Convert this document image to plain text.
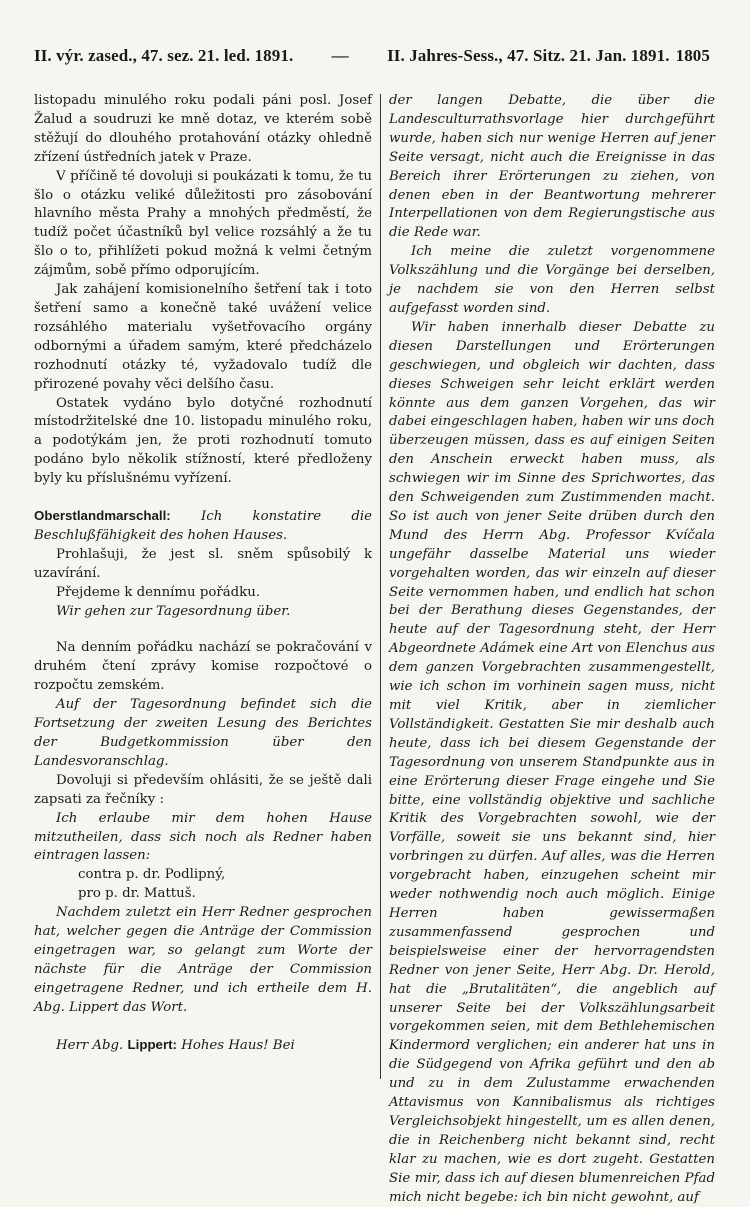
II. výr. zased., 47. sez. 21. led. 1891.	—	II. Jahres-Sess., 47. Sitz. 21. Jan. 1891. 1805

listopadu minulého roku podali páni posl. Josef Žalud a soudruzi ke mně dotaz, ve kterém sobě stěžují do dlouhého protahování otázky ohledně zřízení ústředních jatek v Praze.

V příčině té dovoluji si poukázati k tomu, že tu šlo o otázku veliké důležitosti pro zásobování hlavního města Prahy a mnohých předměstí, že tudíž počet účastníků byl velice rozsáhlý a že tu šlo o to, přihlížeti pokud možná k velmi četným zájmům, sobě přímo odporujícím.

Jak zahájení komisionelního šetření tak i toto šetření samo a konečně také uvážení velice rozsáhlého materialu vyšetřovacího orgány odbornými a úřadem samým, které předcházelo rozhodnutí otázky té, vyžadovalo tudíž dle přirozené povahy věci delšího času.

Ostatek vydáno bylo dotyčné rozhodnutí místodržitelské dne 10. listopadu minulého roku, a podotýkám jen, že proti rozhodnutí tomuto podáno bylo několik stížností, které předloženy byly ku příslušnému vyřízení.

Oberstlandmarschall: Ich konstatire die Beschlußfähigkeit des hohen Hauses.

Prohlašuji, že jest sl. sněm spůsobilý k uzavírání.

Přejdeme k dennímu pořádku.

Wir gehen zur Tagesordnung über.

Na denním pořádku nachází se pokračování v druhém čtení zprávy komise rozpočtové o rozpočtu zemském.

Auf der Tagesordnung befindet sich die Fortsetzung der zweiten Lesung des Berichtes der Budgetkommission über den Landesvoranschlag.

Dovoluji si především ohlásiti, že se ještě dali zapsati za řečníky :

Ich erlaube mir dem hohen Hause mitzutheilen, dass sich noch als Redner haben eintragen lassen:

contra p. dr. Podlipný,
pro p. dr. Mattuš.

Nachdem zuletzt ein Herr Redner gesprochen hat, welcher gegen die Anträge der Commission eingetragen war, so gelangt zum Worte der nächste für die Anträge der Commission eingetragene Redner, und ich ertheile dem H. Abg. Lippert das Wort.

Herr Abg. Lippert: Hohes Haus! Bei

der langen Debatte, die über die Landesculturrathsvorlage hier durchgeführt wurde, haben sich nur wenige Herren auf jener Seite versagt, nicht auch die Ereignisse in das Bereich ihrer Erörterungen zu ziehen, von denen eben in der Beantwortung mehrerer Interpellationen von dem Regierungstische aus die Rede war.

Ich meine die zuletzt vorgenommene Volkszählung und die Vorgänge bei derselben, je nachdem sie von den Herren selbst aufgefasst worden sind.

Wir haben innerhalb dieser Debatte zu diesen Darstellungen und Erörterungen geschwiegen, und obgleich wir dachten, dass dieses Schweigen sehr leicht erklärt werden könnte aus dem ganzen Vorgehen, das wir dabei eingeschlagen haben, haben wir uns doch überzeugen müssen, dass es auf einigen Seiten den Anschein erweckt haben muss, als schwiegen wir im Sinne des Sprichwortes, das den Schweigenden zum Zustimmenden macht. So ist auch von jener Seite drüben durch den Mund des Herrn Abg. Professor Kvíčala ungefähr dasselbe Material uns wieder vorgehalten worden, das wir einzeln auf dieser Seite vernommen haben, und endlich hat schon bei der Berathung dieses Gegenstandes, der heute auf der Tagesordnung steht, der Herr Abgeordnete Adámek eine Art von Elenchus aus dem ganzen Vorgebrachten zusammengestellt, wie ich schon im vorhinein sagen muss, nicht mit viel Kritik, aber in ziemlicher Vollständigkeit. Gestatten Sie mir deshalb auch heute, dass ich bei diesem Gegenstande der Tagesordnung von unserem Standpunkte aus in eine Erörterung dieser Frage eingehe und Sie bitte, eine vollständig objektive und sachliche Kritik des Vorgebrachten sowohl, wie der Vorfälle, soweit sie uns bekannt sind, hier vorbringen zu dürfen. Auf alles, was die Herren vorgebracht haben, einzugehen scheint mir weder nothwendig noch auch möglich. Einige Herren haben gewissermaßen zusammenfassend gesprochen und beispielsweise einer der hervorragendsten Redner von jener Seite, Herr Abg. Dr. Herold, hat die „Brutalitäten“, die angeblich auf unserer Seite bei der Volkszählungsarbeit vorgekommen seien, mit dem Bethlehemischen Kindermord verglichen; ein anderer hat uns in die Südgegend von Afrika geführt und den ab und zu in dem Zulustamme erwachenden Attavismus von Kannibalismus als richtiges Vergleichsobjekt hingestellt, um es allen denen, die in Reichenberg nicht bekannt sind, recht klar zu machen, wie es dort zugeht. Gestatten Sie mir, dass ich auf diesen blumenreichen Pfad mich nicht begebe: ich bin nicht gewohnt, auf
